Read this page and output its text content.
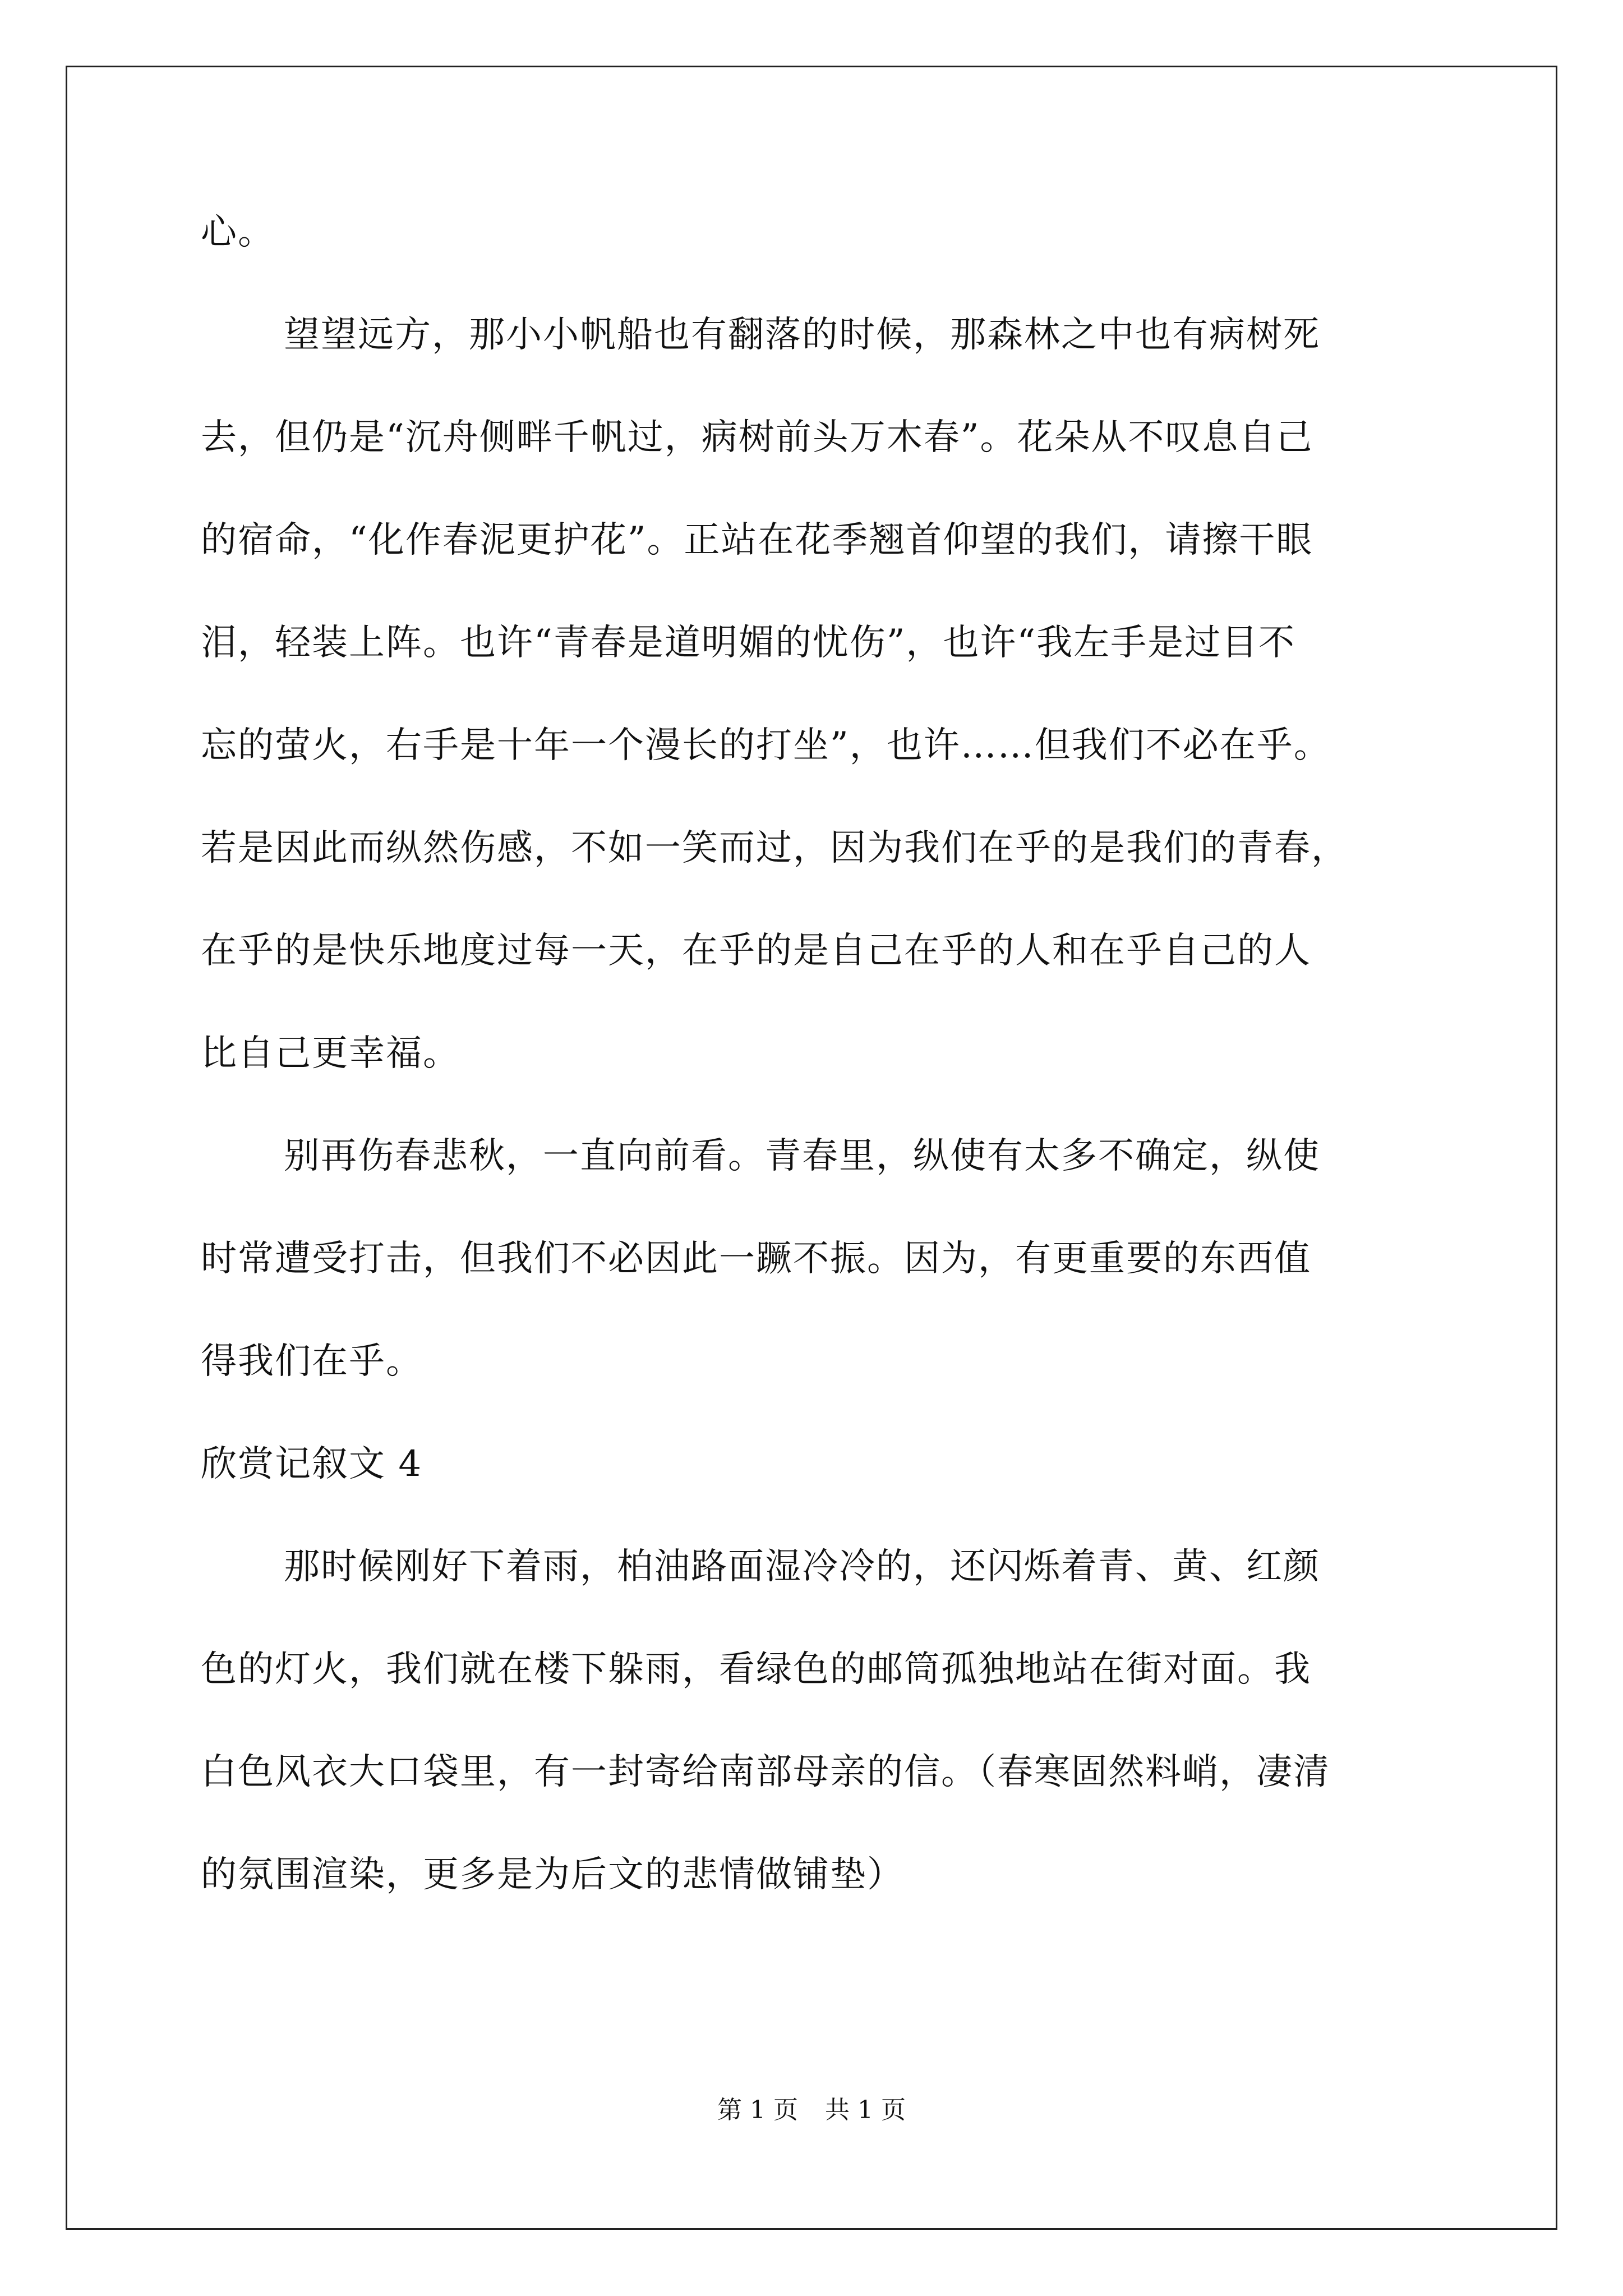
心。
望望远方，那小小帆船也有翻落的时候，那森林之中也有病树死
去，但仍是“沉舟侧畔千帆过，病树前头万木春”。花朵从不叹息自己
的宿命，“化作春泥更护花”。正站在花季翘首仰望的我们，请擦干眼
泪，轻装上阵。也许“青春是道明媚的忧伤”，也许“我左手是过目不
忘的萤火，右手是十年一个漫长的打坐”，也许……但我们不必在乎。
若是因此而纵然伤感，不如一笑而过，因为我们在乎的是我们的青春，
在乎的是快乐地度过每一天，在乎的是自己在乎的人和在乎自己的人
比自己更幸福。
别再伤春悲秋，一直向前看。青春里，纵使有太多不确定，纵使
时常遭受打击，但我们不必因此一蹶不振。因为，有更重要的东西值
得我们在乎。
欣赏记叙文 4
那时候刚好下着雨，柏油路面湿冷冷的，还闪烁着青、黄、红颜
色的灯火，我们就在楼下躲雨，看绿色的邮筒孤独地站在街对面。我
白色风衣大口袋里，有一封寄给南部母亲的信。（春寒固然料峭，凄清
的氛围渲染，更多是为后文的悲情做铺垫）
第 1 页 共 1 页
